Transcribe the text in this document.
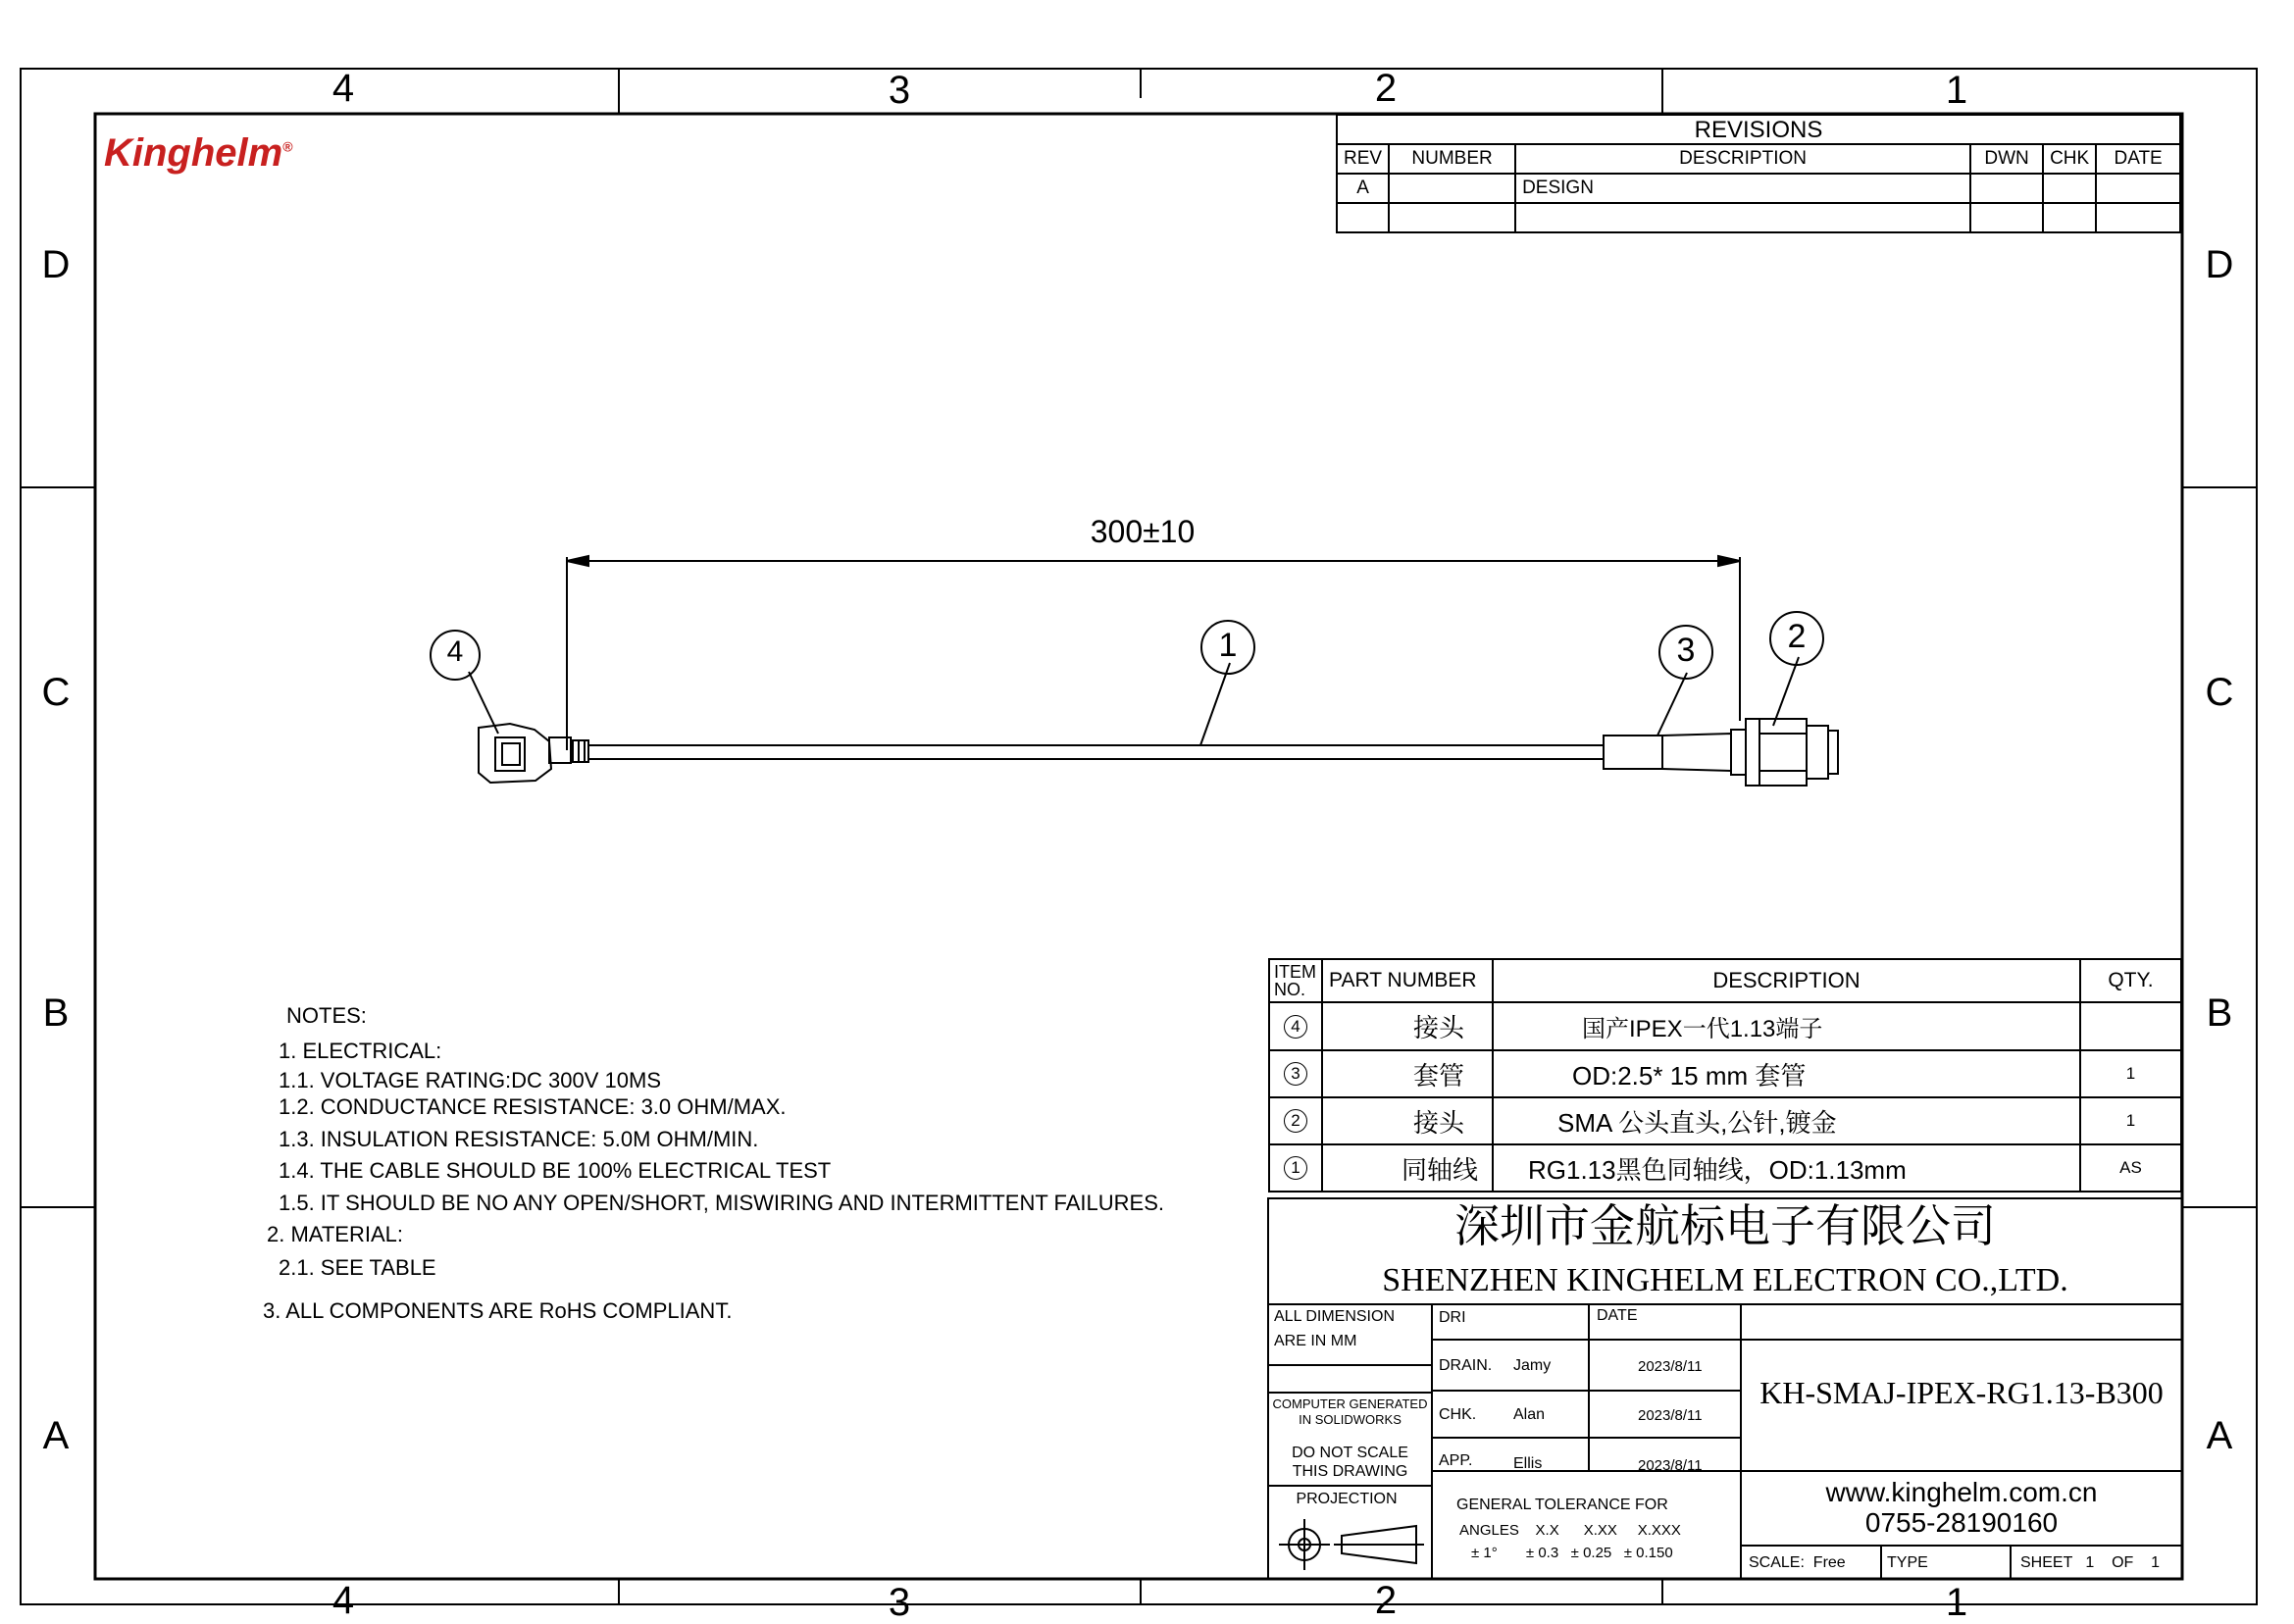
4	3	2	1
4	3	2	1
D
C
B
A
D
C
B
A
Kinghelm®
REVISIONS
REV	NUMBER	DESCRIPTION	DWN	CHK	DATE
A		DESIGN			

300±10
4	1	3	2
NOTES:
1. ELECTRICAL:
1.1. VOLTAGE RATING:DC 300V 10MS
1.2. CONDUCTANCE RESISTANCE: 3.0 OHM/MAX.
1.3. INSULATION RESISTANCE: 5.0M OHM/MIN.
1.4. THE CABLE SHOULD BE 100% ELECTRICAL TEST
1.5. IT SHOULD BE NO ANY OPEN/SHORT, MISWIRING AND INTERMITTENT FAILURES.
2. MATERIAL:
2.1. SEE TABLE
3. ALL COMPONENTS ARE RoHS COMPLIANT.
ITEM
NO.	PART NUMBER	DESCRIPTION	QTY.
4	接头	国产IPEX一代1.13端子	
3	套管	OD:2.5* 15 mm 套管	1
2	接头	SMA 公头直头,公针,镀金	1
1	同轴线	RG1.13黑色同轴线，OD:1.13mm	AS
深圳市金航标电子有限公司
SHENZHEN KINGHELM ELECTRON CO.,LTD.
ALL DIMENSION
ARE IN MM
DRI	DATE
DRAIN. Jamy	2023/8/11
CHK. Alan	2023/8/11
APP.	Ellis	2023/8/11
COMPUTER GENERATED
IN SOLIDWORKS
DO NOT SCALE
THIS DRAWING
PROJECTION	GENERAL TOLERANCE FOR
ANGLES    X.X      X.XX     X.XXX
± 1°       ± 0.3   ± 0.25   ± 0.150
KH-SMAJ-IPEX-RG1.13-B300
www.kinghelm.com.cn
0755-28190160
SCALE:  Free	TYPE	SHEET   1    OF    1
